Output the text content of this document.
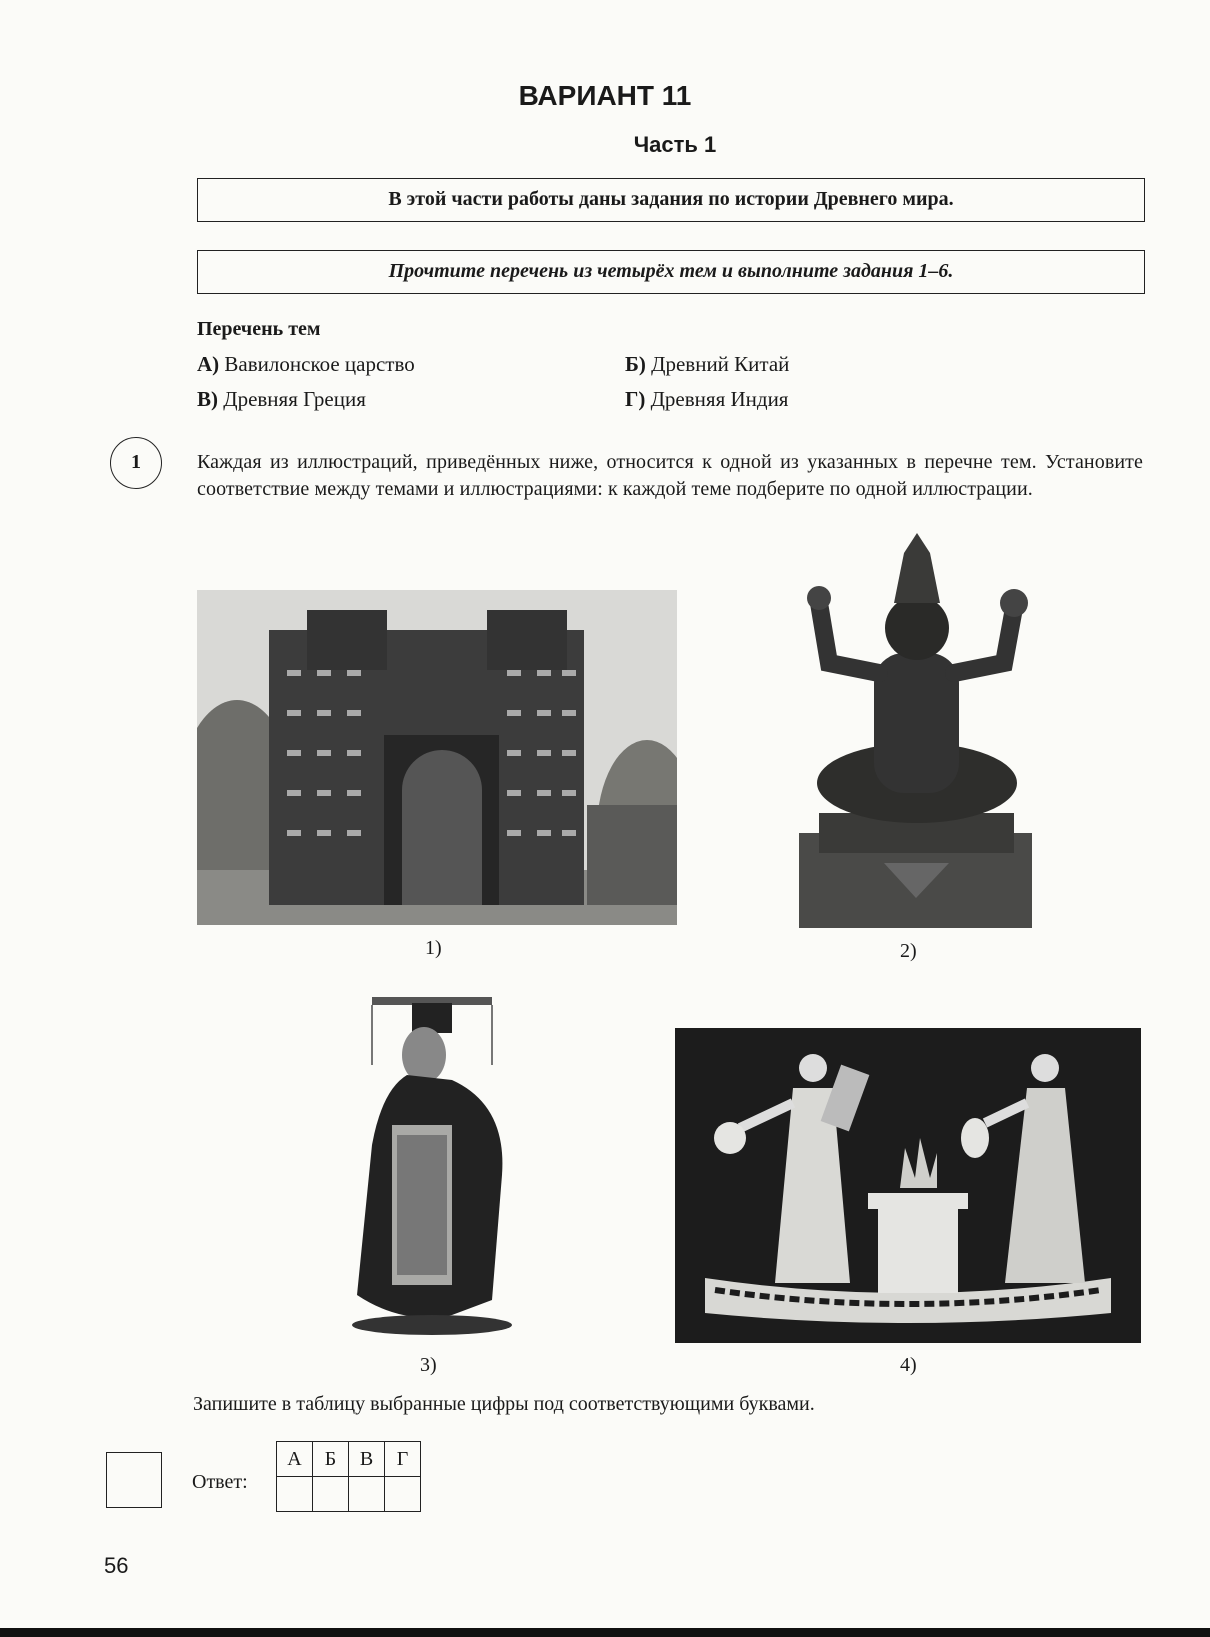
ВАРИАНТ 11
Часть 1
В этой части работы даны задания по истории Древнего мира.
Прочтите перечень из четырёх тем и выполните задания 1–6.
Перечень тем
А) Вавилонское царство	Б) Древний Китай
В) Древняя Греция	Г) Древняя Индия
1	Каждая из иллюстраций, приведённых ниже, относится к одной из указанных в перечне тем. Установите соответствие между темами и иллюстрациями: к каждой теме подберите по одной иллюстрации.
1)	2)
3)	4)
Запишите в таблицу выбранные цифры под соответствующими буквами.
Ответ:
А	Б	В	Г

56
